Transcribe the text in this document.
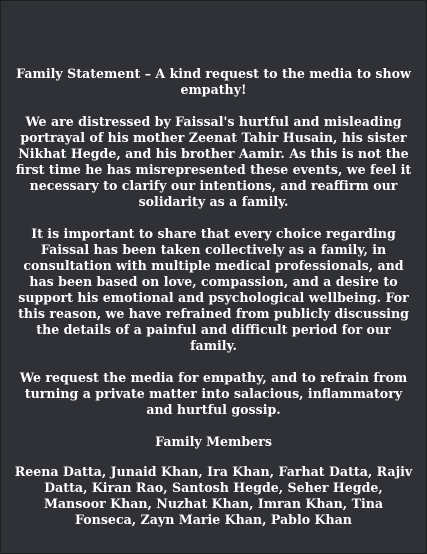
Family Statement – A kind request to the media to show empathy!

We are distressed by Faissal's hurtful and misleading portrayal of his mother Zeenat Tahir Husain, his sister Nikhat Hegde, and his brother Aamir. As this is not the first time he has misrepresented these events, we feel it necessary to clarify our intentions, and reaffirm our solidarity as a family.

It is important to share that every choice regarding Faissal has been taken collectively as a family, in consultation with multiple medical professionals, and has been based on love, compassion, and a desire to support his emotional and psychological wellbeing. For this reason, we have refrained from publicly discussing the details of a painful and difficult period for our family.

We request the media for empathy, and to refrain from turning a private matter into salacious, inflammatory and hurtful gossip.

Family Members

Reena Datta, Junaid Khan, Ira Khan, Farhat Datta, Rajiv Datta, Kiran Rao, Santosh Hegde, Seher Hegde, Mansoor Khan, Nuzhat Khan, Imran Khan, Tina Fonseca, Zayn Marie Khan, Pablo Khan
